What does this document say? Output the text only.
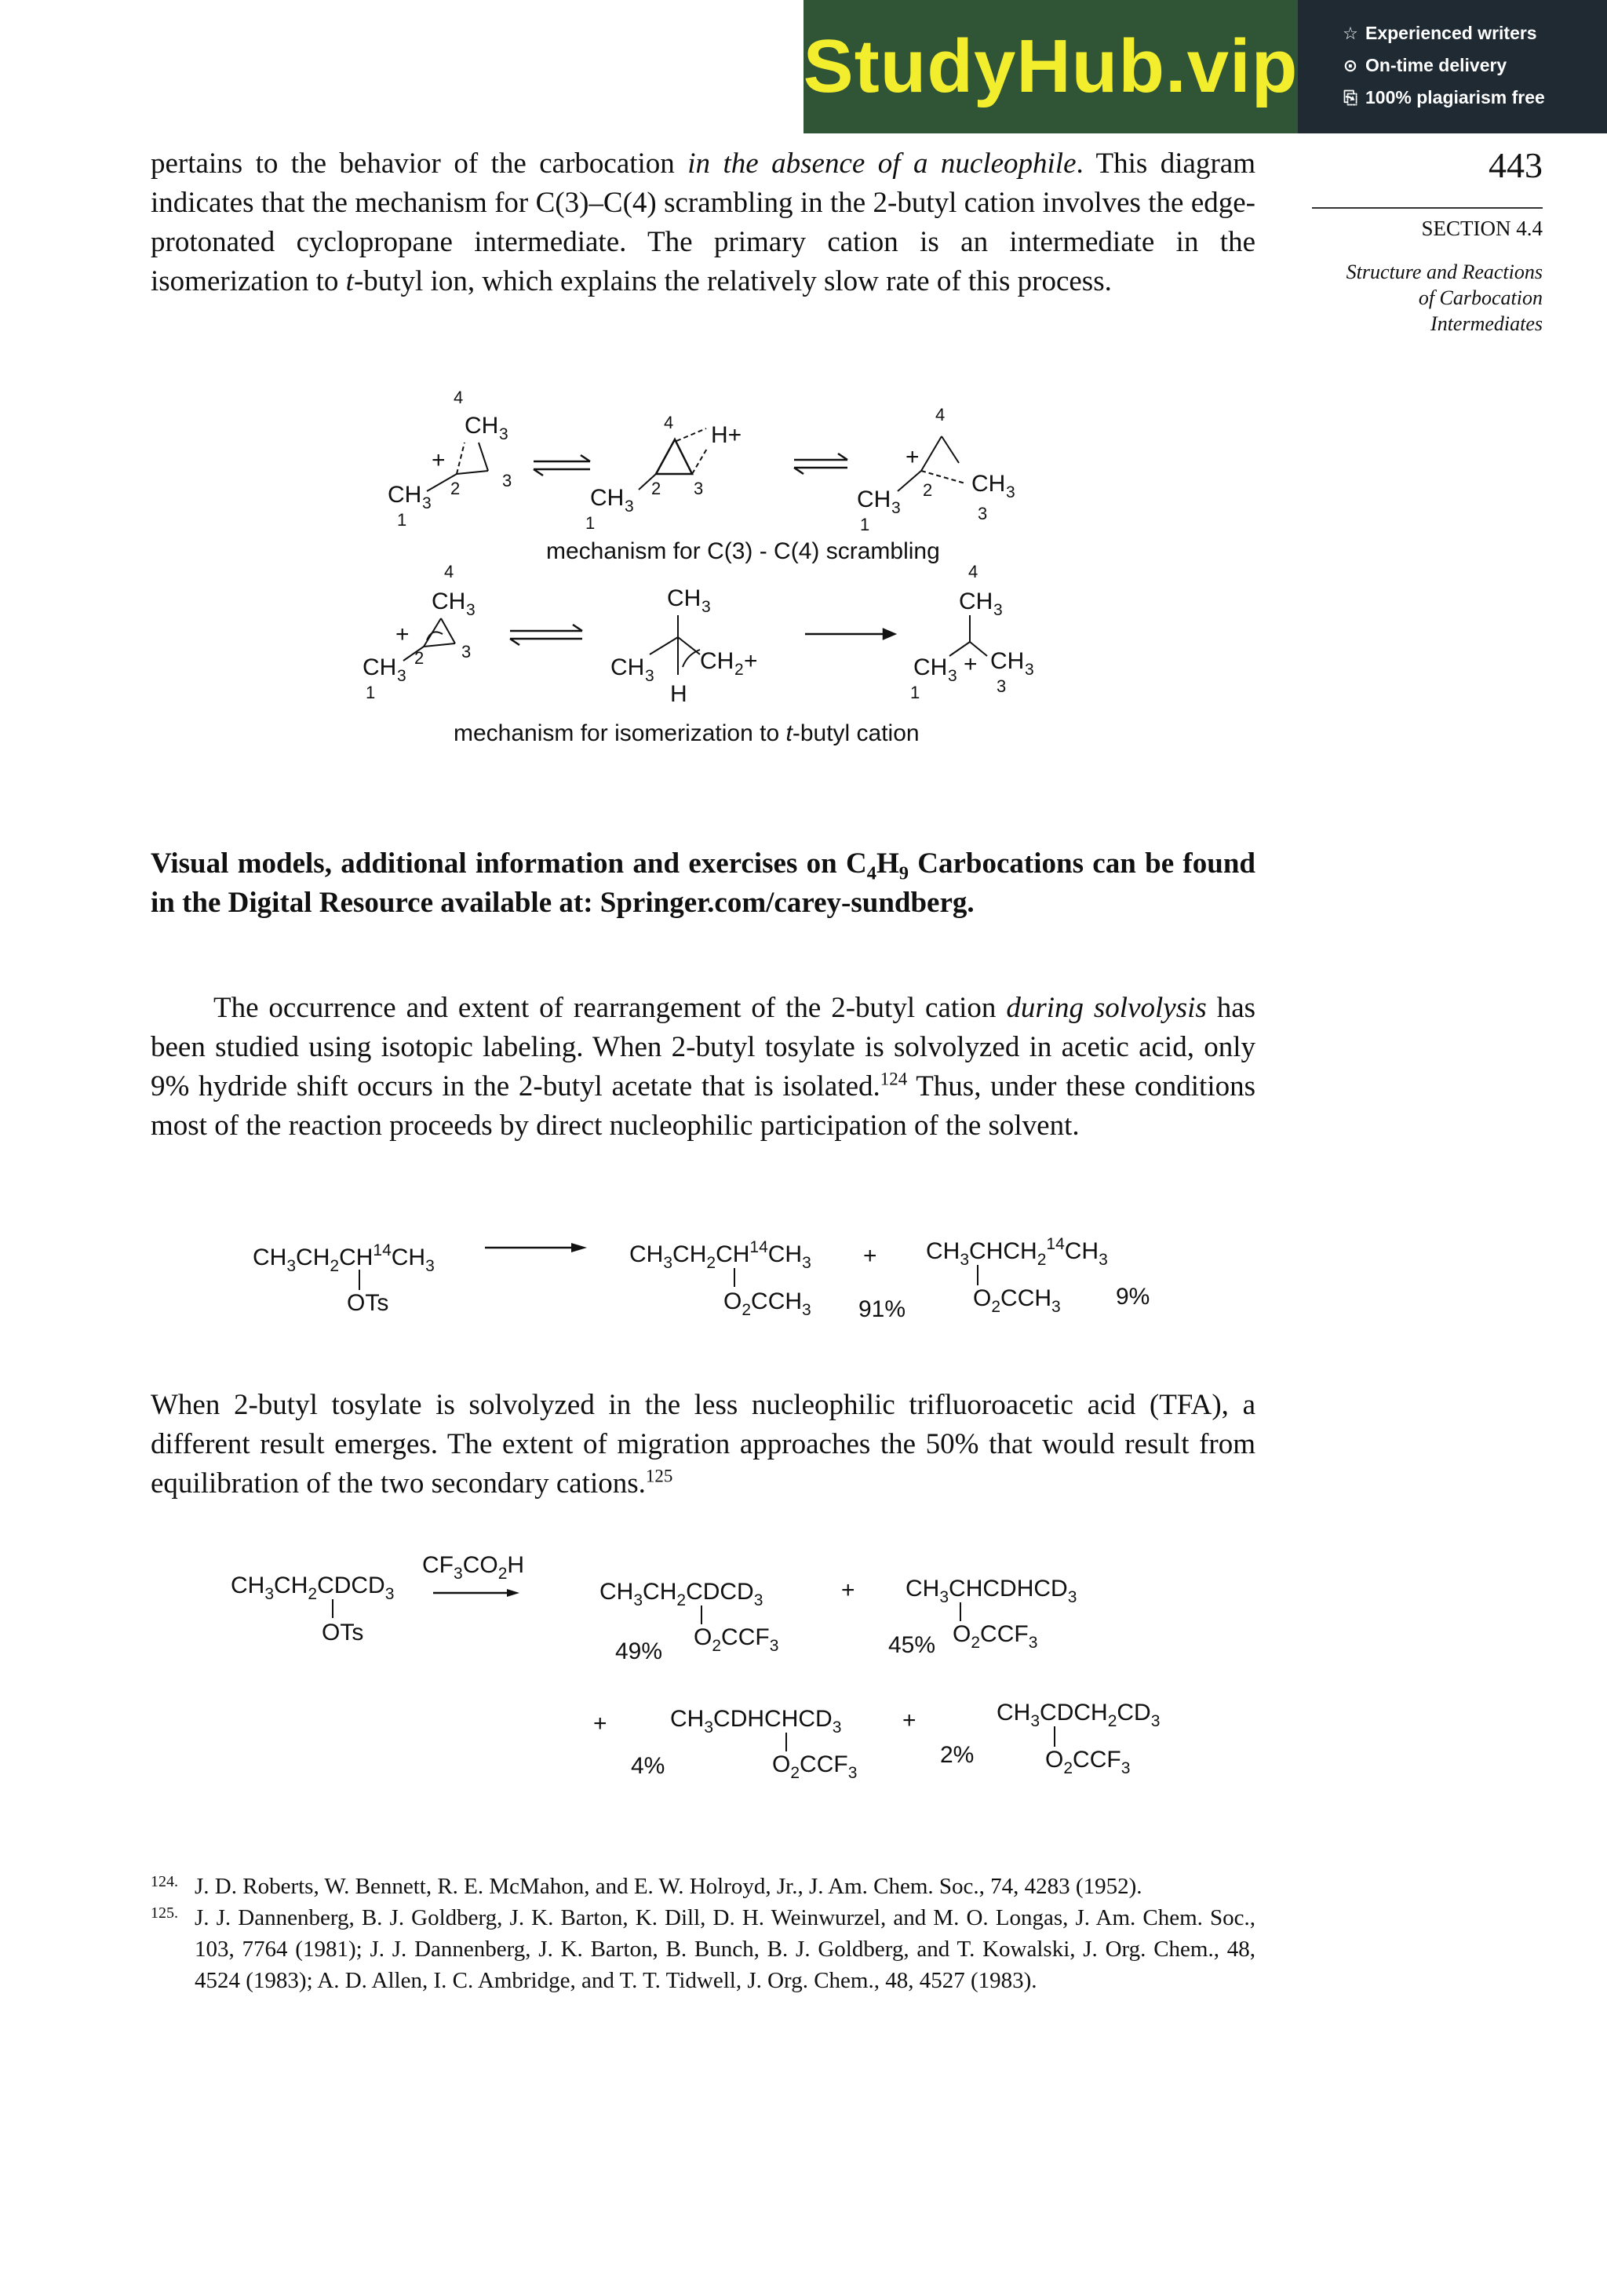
StudyHub.vip	☆ Experienced writers
⊙ On-time delivery
⎘ 100% plagiarism free
443
SECTION 4.4
Structure and Reactions
of Carbocation
Intermediates
pertains to the behavior of the carbocation in the absence of a nucleophile. This diagram indicates that the mechanism for C(3)–C(4) scrambling in the 2-butyl cation involves the edge-protonated cyclopropane intermediate. The primary cation is an intermediate in the isomerization to t-butyl ion, which explains the relatively slow rate of this process.
4
CH 3
+
2 3
CH 3
1
4 H+
2 3
CH 3
1
4
+
2 CH 3
3
CH 3
1
mechanism for C(3) - C(4) scrambling
4
CH 3
+
2 3
CH 3
1
CH 3
CH 3
CH 2 +
H
4
CH 3
CH 3 + CH 3
3
1
mechanism for isomerization to t-butyl cation
Visual models, additional information and exercises on $C_4H_9$ Carbocations can be found in the Digital Resource available at: Springer.com/carey-sundberg.
The occurrence and extent of rearrangement of the 2-butyl cation during solvolysis has been studied using isotopic labeling. When 2-butyl tosylate is solvolyzed in acetic acid, only 9% hydride shift occurs in the 2-butyl acetate that is isolated.$^{124}$ Thus, under these conditions most of the reaction proceeds by direct nucleophilic participation of the solvent.
$CH_3CH_2CH^{14}CH_3$
OTs
$CH_3CH_2CH^{14}CH_3$
$O_2CCH_3$ 91%
+ $CH_3CHCH_2^{14}CH_3$
$O_2CCH_3$ 9%
When 2-butyl tosylate is solvolyzed in the less nucleophilic trifluoroacetic acid (TFA), a different result emerges. The extent of migration approaches the 50% that would result from equilibration of the two secondary cations.$^{125}$
$CH_3CH_2CDCD_3$
OTs
$CF_3CO_2H$
$CH_3CH_2CDCD_3$
$O_2CCF_3$
49%
+ $CH_3CHCDHCD_3$
$O_2CCF_3$
45%
+	$CH_3CDHCHCD_3$
$O_2CCF_3$
4%
+	$CH_3CDCH_2CD_3$
$O_2CCF_3$
2%
124. J. D. Roberts, W. Bennett, R. E. McMahon, and E. W. Holroyd, Jr., J. Am. Chem. Soc., 74, 4283 (1952).
125. J. J. Dannenberg, B. J. Goldberg, J. K. Barton, K. Dill, D. H. Weinwurzel, and M. O. Longas, J. Am. Chem. Soc., 103, 7764 (1981); J. J. Dannenberg, J. K. Barton, B. Bunch, B. J. Goldberg, and T. Kowalski, J. Org. Chem., 48, 4524 (1983); A. D. Allen, I. C. Ambridge, and T. T. Tidwell, J. Org. Chem., 48, 4527 (1983).
